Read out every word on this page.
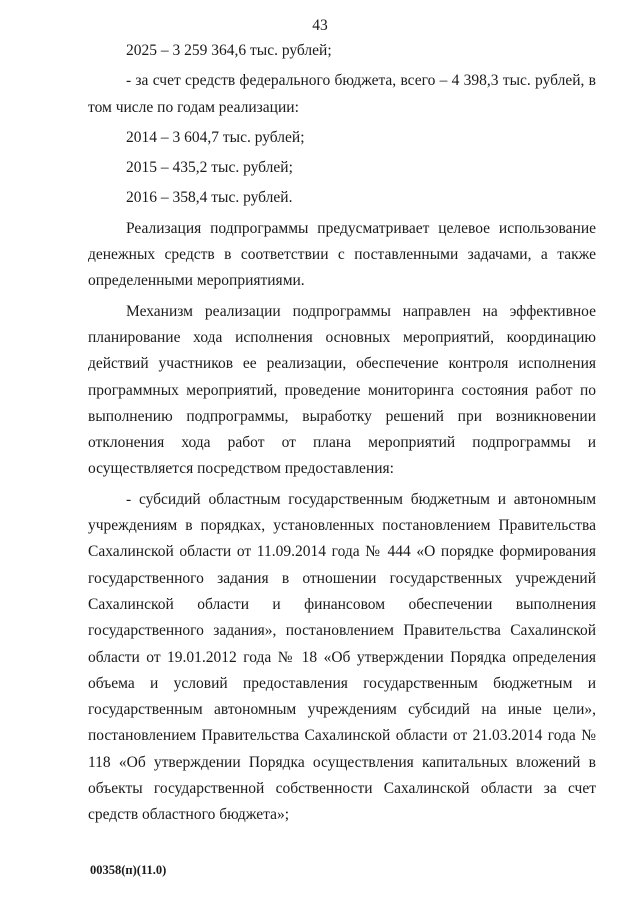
43

2025 – 3 259 364,6 тыс. рублей;

- за счет средств федерального бюджета, всего – 4 398,3 тыс. рублей, в том числе по годам реализации:

2014 – 3 604,7 тыс. рублей;

2015 – 435,2 тыс. рублей;

2016 – 358,4 тыс. рублей.

Реализация подпрограммы предусматривает целевое использование денежных средств в соответствии с поставленными задачами, а также определенными мероприятиями.

Механизм реализации подпрограммы направлен на эффективное планирование хода исполнения основных мероприятий, координацию действий участников ее реализации, обеспечение контроля исполнения программных мероприятий, проведение мониторинга состояния работ по выполнению подпрограммы, выработку решений при возникновении отклонения хода работ от плана мероприятий подпрограммы и осуществляется посредством предоставления:

- субсидий областным государственным бюджетным и автономным учреждениям в порядках, установленных постановлением Правительства Сахалинской области от 11.09.2014 года № 444 «О порядке формирования государственного задания в отношении государственных учреждений Сахалинской области и финансовом обеспечении выполнения государственного задания», постановлением Правительства Сахалинской области от 19.01.2012 года № 18 «Об утверждении Порядка определения объема и условий предоставления государственным бюджетным и государственным автономным учреждениям субсидий на иные цели», постановлением Правительства Сахалинской области от 21.03.2014 года № 118 «Об утверждении Порядка осуществления капитальных вложений в объекты государственной собственности Сахалинской области за счет средств областного бюджета»;

00358(п)(11.0)
